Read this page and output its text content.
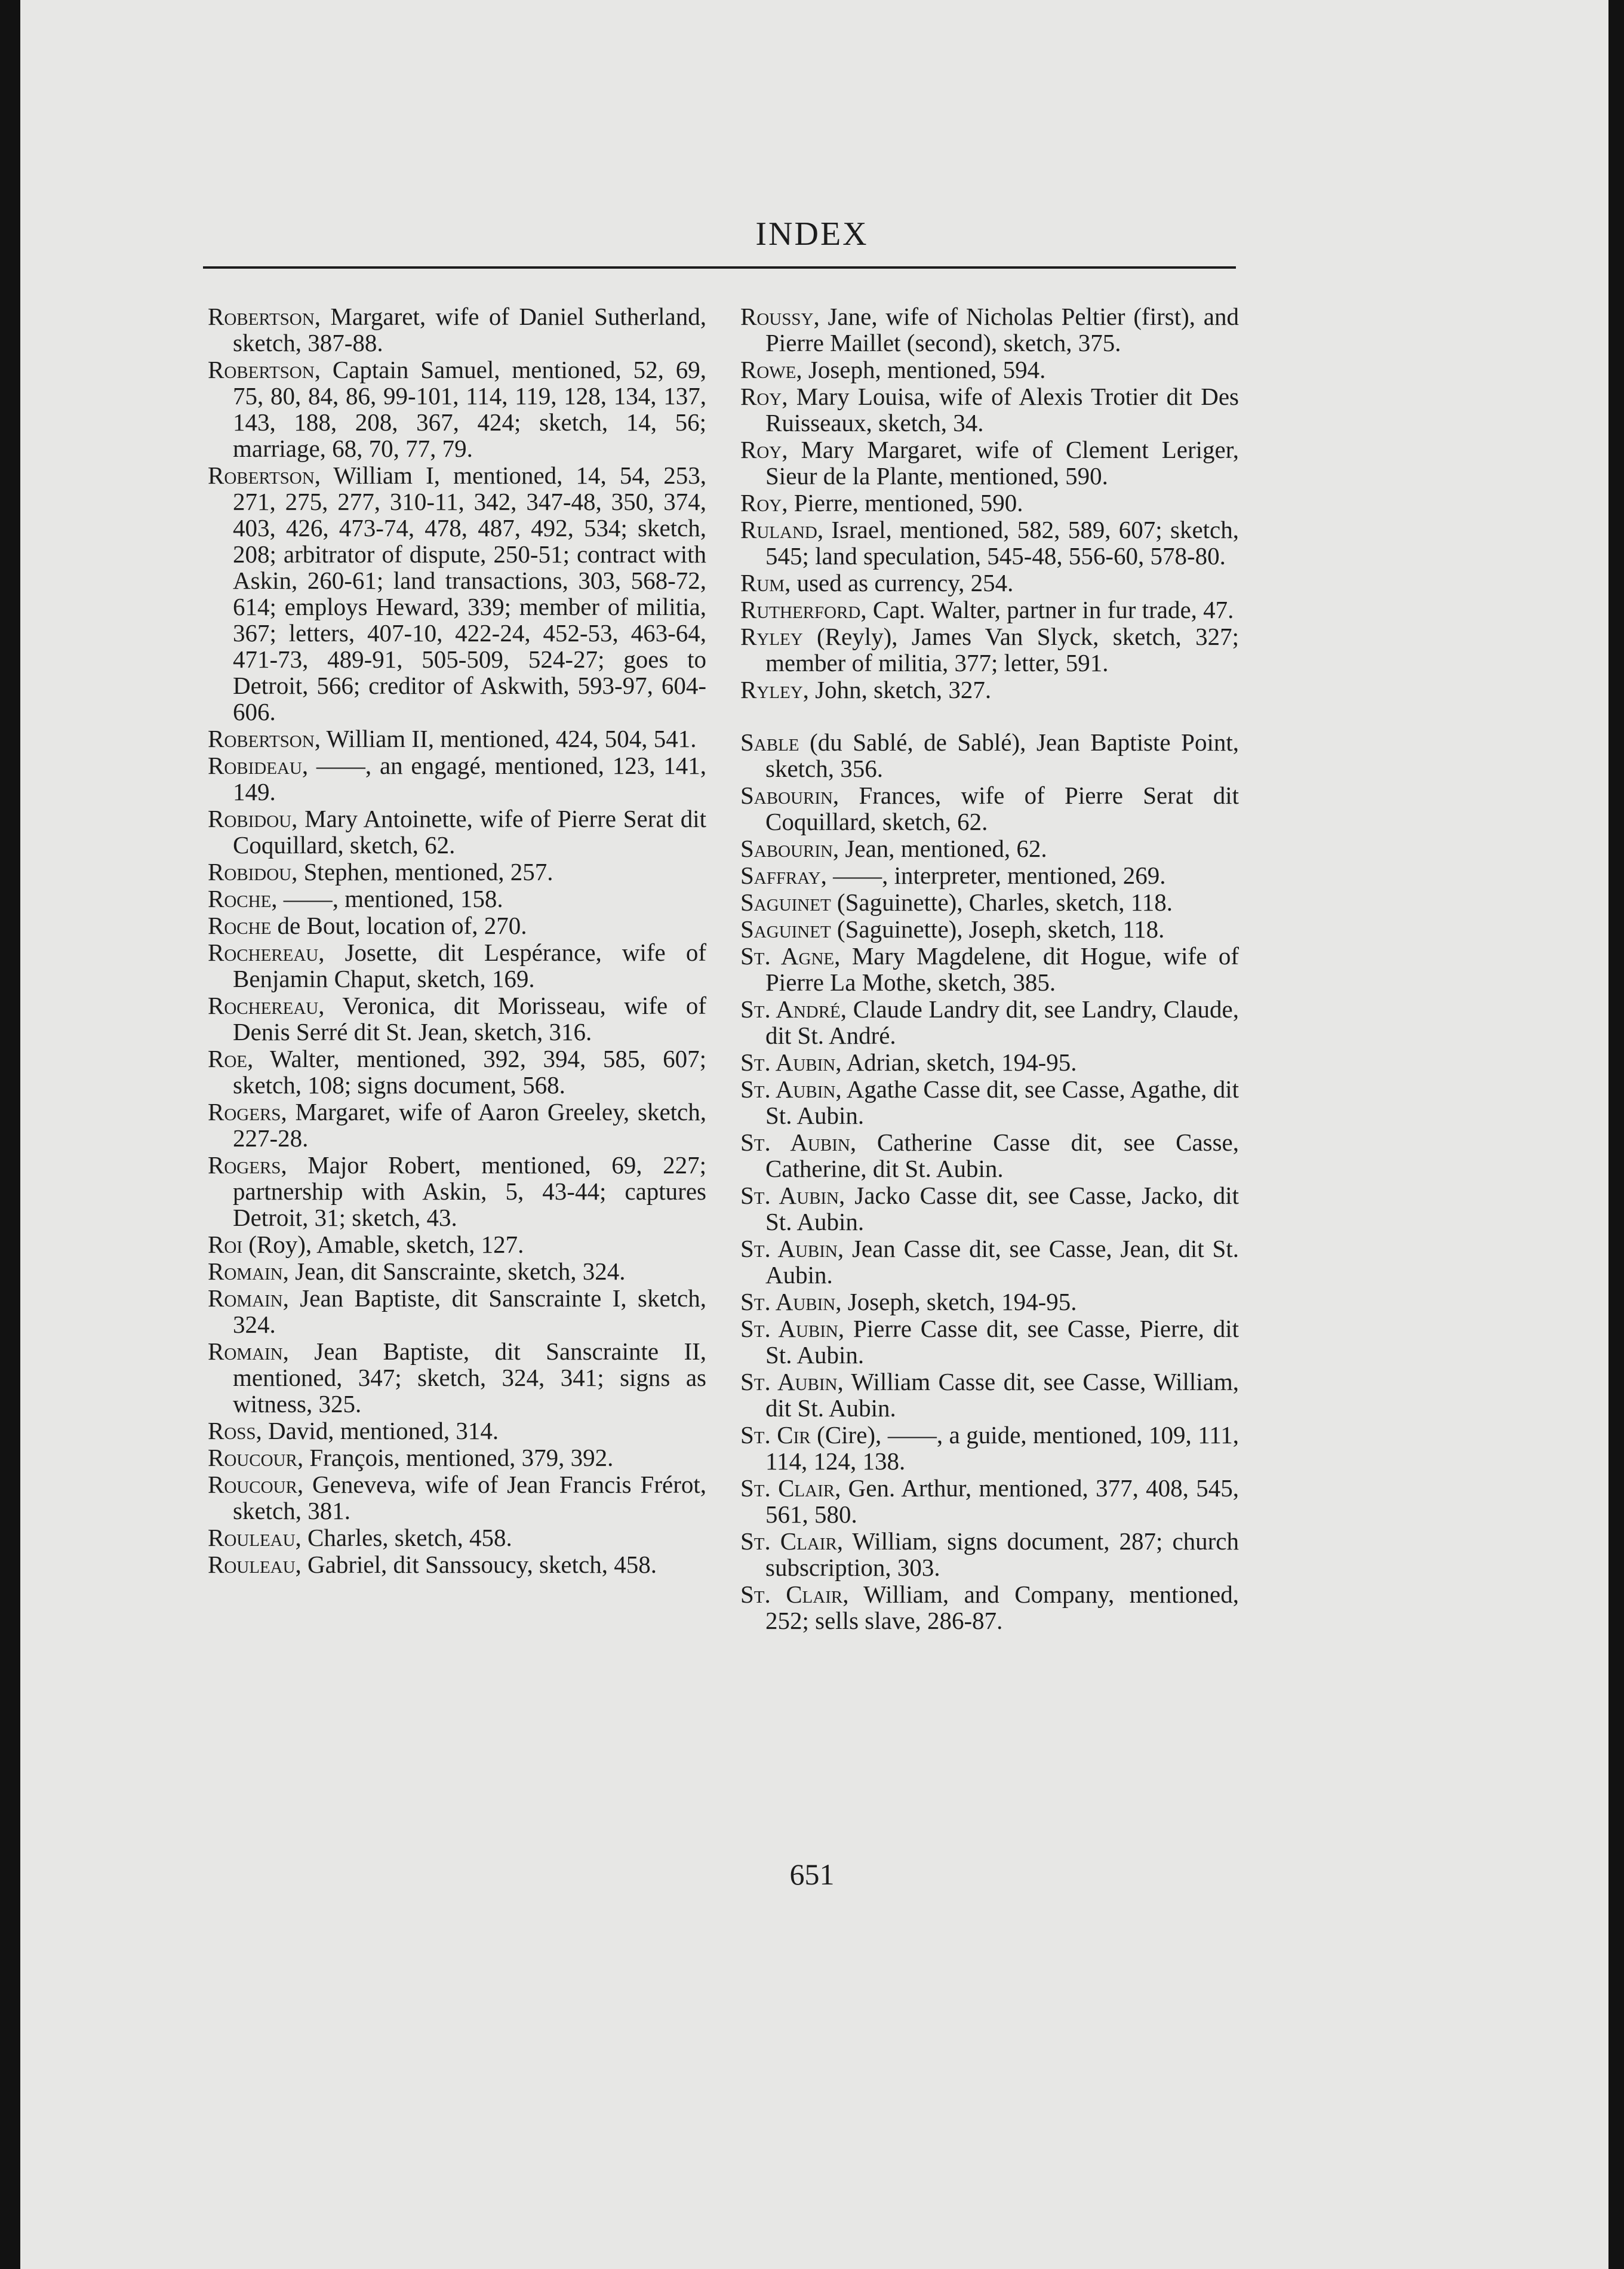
INDEX
Robertson, Margaret, wife of Daniel Sutherland, sketch, 387-88.
Robertson, Captain Samuel, mentioned, 52, 69, 75, 80, 84, 86, 99-101, 114, 119, 128, 134, 137, 143, 188, 208, 367, 424; sketch, 14, 56; marriage, 68, 70, 77, 79.
Robertson, William I, mentioned, 14, 54, 253, 271, 275, 277, 310-11, 342, 347-48, 350, 374, 403, 426, 473-74, 478, 487, 492, 534; sketch, 208; arbitrator of dispute, 250-51; contract with Askin, 260-61; land transactions, 303, 568-72, 614; employs Heward, 339; member of militia, 367; letters, 407-10, 422-24, 452-53, 463-64, 471-73, 489-91, 505-509, 524-27; goes to Detroit, 566; creditor of Askwith, 593-97, 604-606.
Robertson, William II, mentioned, 424, 504, 541.
Robideau, ——, an engagé, mentioned, 123, 141, 149.
Robidou, Mary Antoinette, wife of Pierre Serat dit Coquillard, sketch, 62.
Robidou, Stephen, mentioned, 257.
Roche, ——, mentioned, 158.
Roche de Bout, location of, 270.
Rochereau, Josette, dit Lespérance, wife of Benjamin Chaput, sketch, 169.
Rochereau, Veronica, dit Morisseau, wife of Denis Serré dit St. Jean, sketch, 316.
Roe, Walter, mentioned, 392, 394, 585, 607; sketch, 108; signs document, 568.
Rogers, Margaret, wife of Aaron Greeley, sketch, 227-28.
Rogers, Major Robert, mentioned, 69, 227; partnership with Askin, 5, 43-44; captures Detroit, 31; sketch, 43.
Roi (Roy), Amable, sketch, 127.
Romain, Jean, dit Sanscrainte, sketch, 324.
Romain, Jean Baptiste, dit Sanscrainte I, sketch, 324.
Romain, Jean Baptiste, dit Sanscrainte II, mentioned, 347; sketch, 324, 341; signs as witness, 325.
Ross, David, mentioned, 314.
Roucour, François, mentioned, 379, 392.
Roucour, Geneveva, wife of Jean Francis Frérot, sketch, 381.
Rouleau, Charles, sketch, 458.
Rouleau, Gabriel, dit Sanssoucy, sketch, 458.
Roussy, Jane, wife of Nicholas Peltier (first), and Pierre Maillet (second), sketch, 375.
Rowe, Joseph, mentioned, 594.
Roy, Mary Louisa, wife of Alexis Trotier dit Des Ruisseaux, sketch, 34.
Roy, Mary Margaret, wife of Clement Leriger, Sieur de la Plante, mentioned, 590.
Roy, Pierre, mentioned, 590.
Ruland, Israel, mentioned, 582, 589, 607; sketch, 545; land speculation, 545-48, 556-60, 578-80.
Rum, used as currency, 254.
Rutherford, Capt. Walter, partner in fur trade, 47.
Ryley (Reyly), James Van Slyck, sketch, 327; member of militia, 377; letter, 591.
Ryley, John, sketch, 327.
Sable (du Sablé, de Sablé), Jean Baptiste Point, sketch, 356.
Sabourin, Frances, wife of Pierre Serat dit Coquillard, sketch, 62.
Sabourin, Jean, mentioned, 62.
Saffray, ——, interpreter, mentioned, 269.
Saguinet (Saguinette), Charles, sketch, 118.
Saguinet (Saguinette), Joseph, sketch, 118.
St. Agne, Mary Magdelene, dit Hogue, wife of Pierre La Mothe, sketch, 385.
St. André, Claude Landry dit, see Landry, Claude, dit St. André.
St. Aubin, Adrian, sketch, 194-95.
St. Aubin, Agathe Casse dit, see Casse, Agathe, dit St. Aubin.
St. Aubin, Catherine Casse dit, see Casse, Catherine, dit St. Aubin.
St. Aubin, Jacko Casse dit, see Casse, Jacko, dit St. Aubin.
St. Aubin, Jean Casse dit, see Casse, Jean, dit St. Aubin.
St. Aubin, Joseph, sketch, 194-95.
St. Aubin, Pierre Casse dit, see Casse, Pierre, dit St. Aubin.
St. Aubin, William Casse dit, see Casse, William, dit St. Aubin.
St. Cir (Cire), ——, a guide, mentioned, 109, 111, 114, 124, 138.
St. Clair, Gen. Arthur, mentioned, 377, 408, 545, 561, 580.
St. Clair, William, signs document, 287; church subscription, 303.
St. Clair, William, and Company, mentioned, 252; sells slave, 286-87.
651
